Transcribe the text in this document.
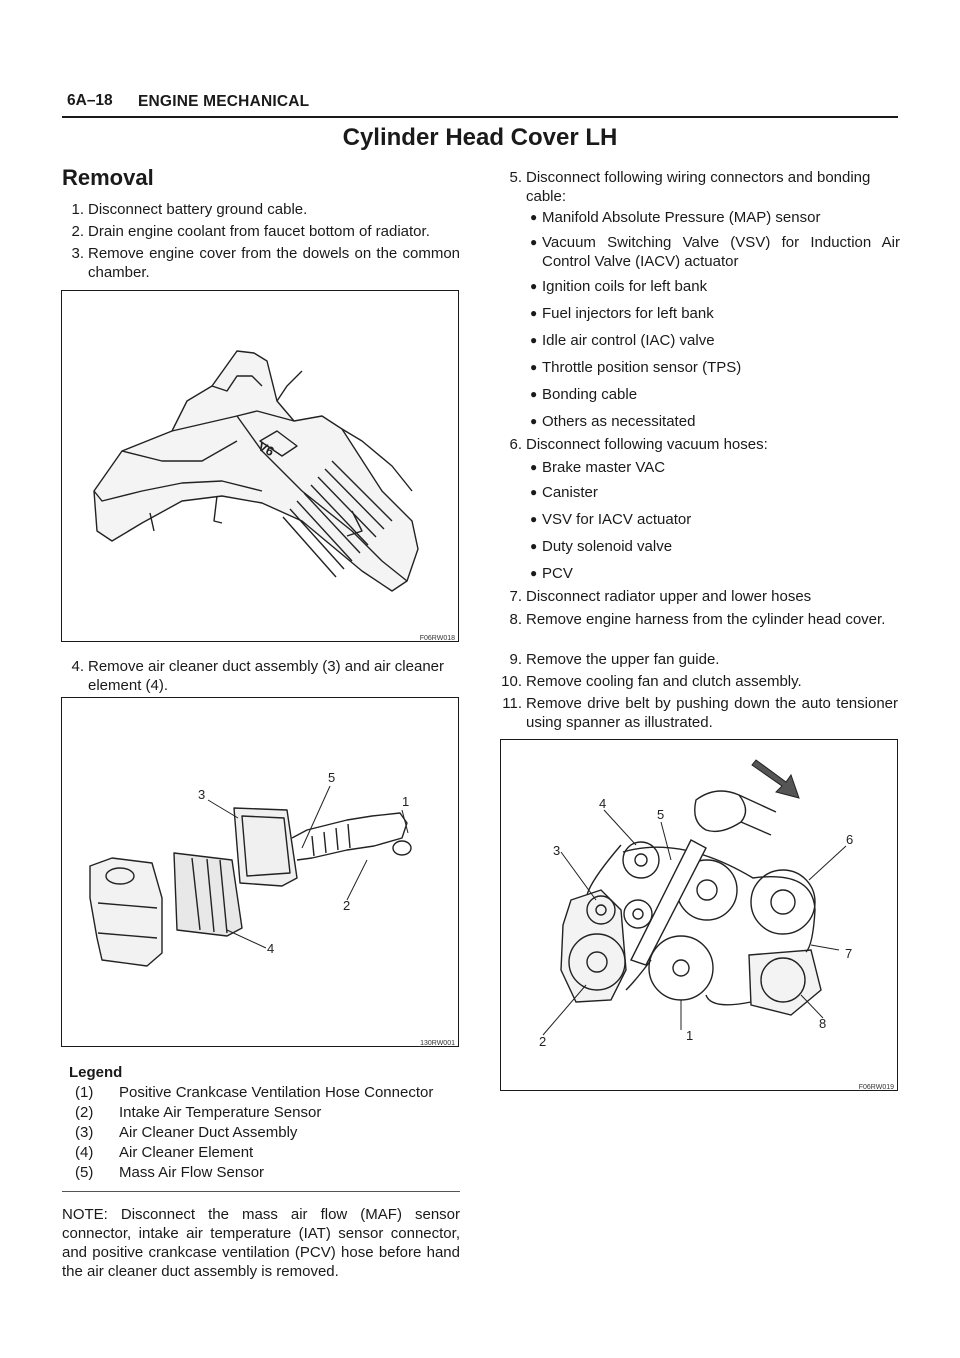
6A–18 ENGINE MECHANICAL
Cylinder Head Cover LH
Removal
1. Disconnect battery ground cable.
2. Drain engine coolant from faucet bottom of radiator.
3. Remove engine cover from the dowels on the common chamber.
V6
F06RW018
4. Remove air cleaner duct assembly (3) and air cleaner element (4).
3
5
1
2
4
130RW001
Legend
(1) Positive Crankcase Ventilation Hose Connector
(2) Intake Air Temperature Sensor
(3) Air Cleaner Duct Assembly
(4) Air Cleaner Element
(5) Mass Air Flow Sensor
NOTE: Disconnect the mass air flow (MAF) sensor connector, intake air temperature (IAT) sensor connector, and positive crankcase ventilation (PCV) hose before hand the air cleaner duct assembly is removed.
5. Disconnect following wiring connectors and bonding cable:
● Manifold Absolute Pressure (MAP) sensor
● Vacuum Switching Valve (VSV) for Induction Air Control Valve (IACV) actuator
● Ignition coils for left bank
● Fuel injectors for left bank
● Idle air control (IAC) valve
● Throttle position sensor (TPS)
● Bonding cable
● Others as necessitated
6. Disconnect following vacuum hoses:
● Brake master VAC
● Canister
● VSV for IACV actuator
● Duty solenoid valve
● PCV
7. Disconnect radiator upper and lower hoses
8. Remove engine harness from the cylinder head cover.
9. Remove the upper fan guide.
10. Remove cooling fan and clutch assembly.
11. Remove drive belt by pushing down the auto tensioner using spanner as illustrated.
4
5
3
6
7
8
1
2
F06RW019
